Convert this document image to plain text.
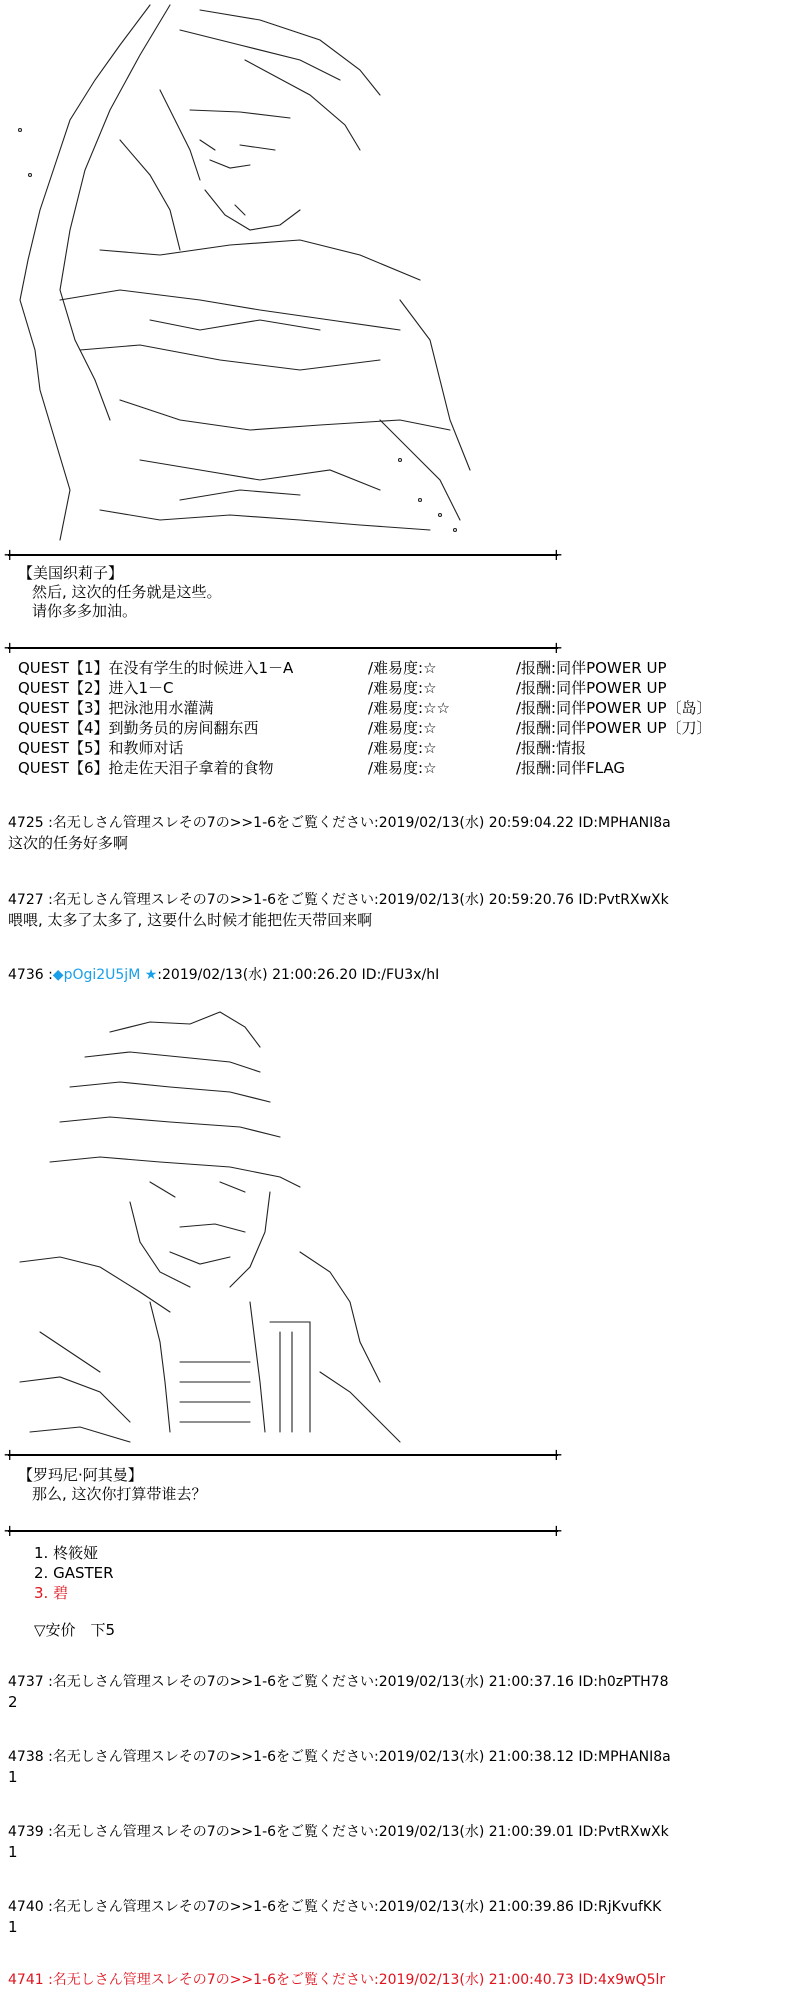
+	+
【美国织莉子】
然后, 这次的任务就是这些。
请你多多加油。
+	+
QUEST【1】在没有学生的时候进入1－A	/难易度:☆	/报酬:同伴POWER UP
QUEST【2】进入1－C	/难易度:☆	/报酬:同伴POWER UP
QUEST【3】把泳池用水灌满	/难易度:☆☆	/报酬:同伴POWER UP〔岛〕
QUEST【4】到勤务员的房间翻东西	/难易度:☆	/报酬:同伴POWER UP〔刀〕
QUEST【5】和教师对话	/难易度:☆	/报酬:情报
QUEST【6】抢走佐天泪子拿着的食物	/难易度:☆	/报酬:同伴FLAG
4725 :名无しさん管理スレその7の>>1-6をご覧ください:2019/02/13(水) 20:59:04.22 ID:MPHANI8a
这次的任务好多啊
4727 :名无しさん管理スレその7の>>1-6をご覧ください:2019/02/13(水) 20:59:20.76 ID:PvtRXwXk
喂喂, 太多了太多了, 这要什么时候才能把佐天带回来啊
4736 :◆pOgi2U5jM ★:2019/02/13(水) 21:00:26.20 ID:/FU3x/hI
+	+
【罗玛尼·阿其曼】
那么, 这次你打算带谁去？
+	+
1. 柊筱娅
2. GASTER
3. 碧
▽安价　下5
4737 :名无しさん管理スレその7の>>1-6をご覧ください:2019/02/13(水) 21:00:37.16 ID:h0zPTH78
2
4738 :名无しさん管理スレその7の>>1-6をご覧ください:2019/02/13(水) 21:00:38.12 ID:MPHANI8a
1
4739 :名无しさん管理スレその7の>>1-6をご覧ください:2019/02/13(水) 21:00:39.01 ID:PvtRXwXk
1
4740 :名无しさん管理スレその7の>>1-6をご覧ください:2019/02/13(水) 21:00:39.86 ID:RjKvufKK
1
4741 :名无しさん管理スレその7の>>1-6をご覧ください:2019/02/13(水) 21:00:40.73 ID:4x9wQ5lr
